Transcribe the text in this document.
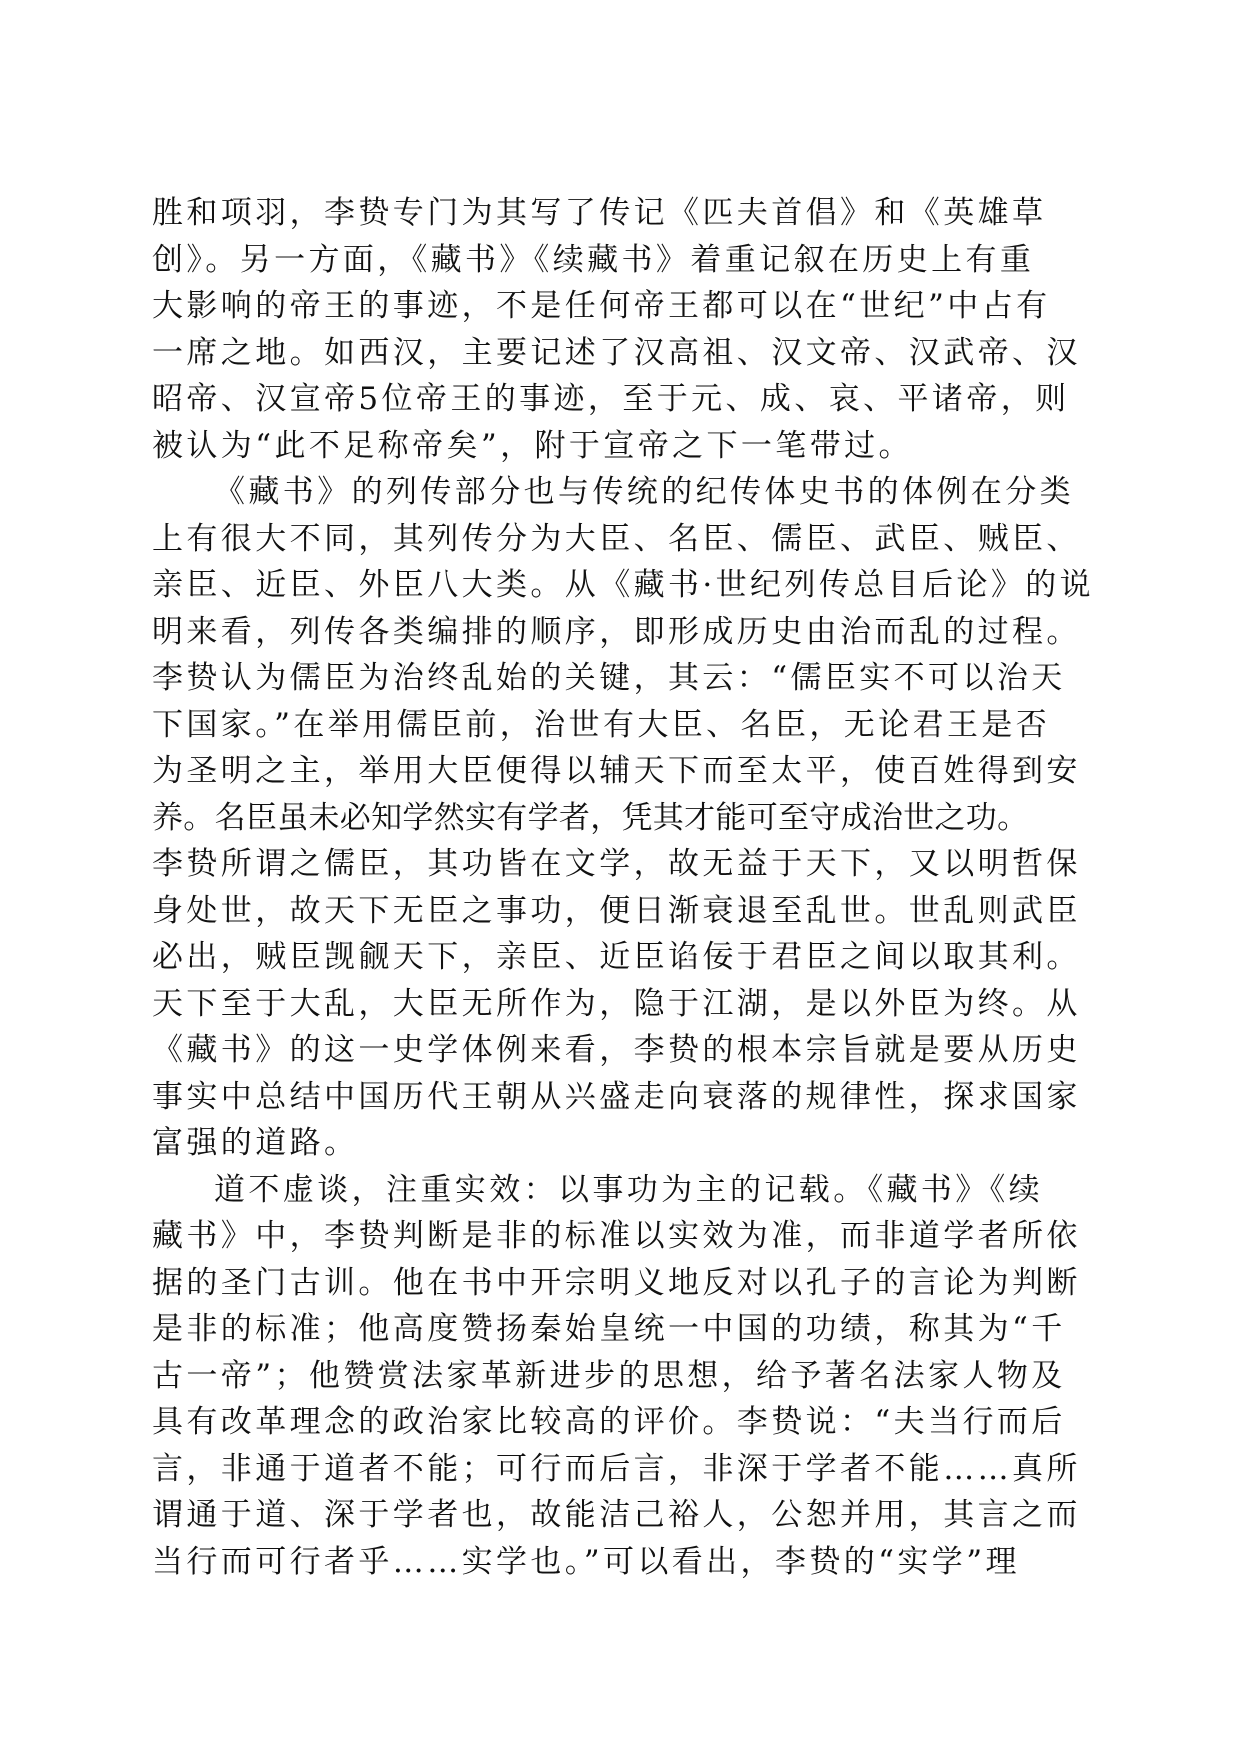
胜和项羽，李贽专门为其写了传记《匹夫首倡》和《英雄草
创》。另一方面，《藏书》《续藏书》着重记叙在历史上有重
大影响的帝王的事迹，不是任何帝王都可以在“世纪”中占有
一席之地。如西汉，主要记述了汉高祖、汉文帝、汉武帝、汉
昭帝、汉宣帝5位帝王的事迹，至于元、成、哀、平诸帝，则
被认为“此不足称帝矣”，附于宣帝之下一笔带过。
《藏书》的列传部分也与传统的纪传体史书的体例在分类
上有很大不同，其列传分为大臣、名臣、儒臣、武臣、贼臣、
亲臣、近臣、外臣八大类。从《藏书·世纪列传总目后论》的说
明来看，列传各类编排的顺序，即形成历史由治而乱的过程。
李贽认为儒臣为治终乱始的关键，其云：“儒臣实不可以治天
下国家。”在举用儒臣前，治世有大臣、名臣，无论君王是否
为圣明之主，举用大臣便得以辅天下而至太平，使百姓得到安
养。名臣虽未必知学然实有学者，凭其才能可至守成治世之功。
李贽所谓之儒臣，其功皆在文学，故无益于天下，又以明哲保
身处世，故天下无臣之事功，便日渐衰退至乱世。世乱则武臣
必出，贼臣觊觎天下，亲臣、近臣谄佞于君臣之间以取其利。
天下至于大乱，大臣无所作为，隐于江湖，是以外臣为终。从
《藏书》的这一史学体例来看，李贽的根本宗旨就是要从历史
事实中总结中国历代王朝从兴盛走向衰落的规律性，探求国家
富强的道路。
道不虚谈，注重实效：以事功为主的记载。《藏书》《续
藏书》中，李贽判断是非的标准以实效为准，而非道学者所依
据的圣门古训。他在书中开宗明义地反对以孔子的言论为判断
是非的标准；他高度赞扬秦始皇统一中国的功绩，称其为“千
古一帝”；他赞赏法家革新进步的思想，给予著名法家人物及
具有改革理念的政治家比较高的评价。李贽说：“夫当行而后
言，非通于道者不能；可行而后言，非深于学者不能……真所
谓通于道、深于学者也，故能洁己裕人，公恕并用，其言之而
当行而可行者乎……实学也。”可以看出，李贽的“实学”理
